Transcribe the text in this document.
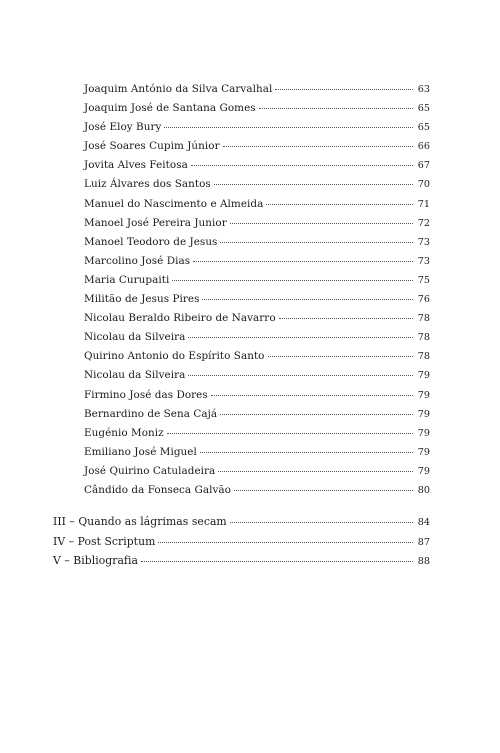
Joaquim António da Silva Carvalhal	63
Joaquim José de Santana Gomes	65
José Eloy Bury	65
José Soares Cupim Júnior	66
Jovita Alves Feitosa	67
Luiz Álvares dos Santos	70
Manuel do Nascimento e Almeida	71
Manoel José Pereira Junior	72
Manoel Teodoro de Jesus	73
Marcolino José Dias	73
Maria Curupaiti	75
Militão de Jesus Pires	76
Nicolau Beraldo Ribeiro de Navarro	78
Nicolau da Silveira	78
Quirino Antonio do Espírito Santo	78
Nicolau da Silveira	79
Firmino José das Dores	79
Bernardino de Sena Cajá	79
Eugénio Moniz	79
Emiliano José Miguel	79
José Quirino Catuladeira	79
Cândido da Fonseca Galvão	80
III – Quando as lágrimas secam	84
IV – Post Scriptum	87
V – Bibliografia	88
